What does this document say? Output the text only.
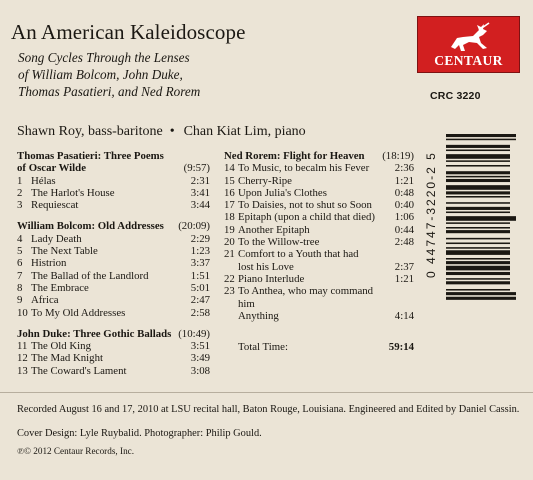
An American Kaleidoscope
Song Cycles Through the Lenses
of William Bolcom, John Duke,
Thomas Pasatieri, and Ned Rorem
CENTAUR
CRC 3220
Shawn Roy, bass-baritone • Chan Kiat Lim, piano
Thomas Pasatieri: Three Poems
of Oscar Wilde	(9:57)
1 Hélas	2:31
2 The Harlot's House	3:41
3 Requiescat	3:44
William Bolcom: Old Addresses (20:09)
4 Lady Death	2:29
5 The Next Table	1:23
6 Histrion	3:37
7 The Ballad of the Landlord	1:51
8 The Embrace	5:01
9 Africa	2:47
10 To My Old Addresses	2:58
John Duke: Three Gothic Ballads (10:49)
11 The Old King	3:51
12 The Mad Knight	3:49
13 The Coward's Lament	3:08
Ned Rorem: Flight for Heaven (18:19)
14 To Music, to becalm his Fever	2:36
15 Cherry-Ripe	1:21
16 Upon Julia's Clothes	0:48
17 To Daisies, not to shut so Soon	0:40
18 Epitaph (upon a child that died)	1:06
19 Another Epitaph	0:44
20 To the Willow-tree	2:48
21 Comfort to a Youth that had
lost his Love	2:37
22 Piano Interlude	1:21
23 To Anthea, who may command him
Anything	4:14
Total Time:	59:14
0 44747-3220-2 5
Recorded August 16 and 17, 2010 at LSU recital hall, Baton Rouge, Louisiana. Engineered and Edited by Daniel Cassin.
Cover Design: Lyle Ruybalid. Photographer: Philip Gould.
℗© 2012 Centaur Records, Inc.
